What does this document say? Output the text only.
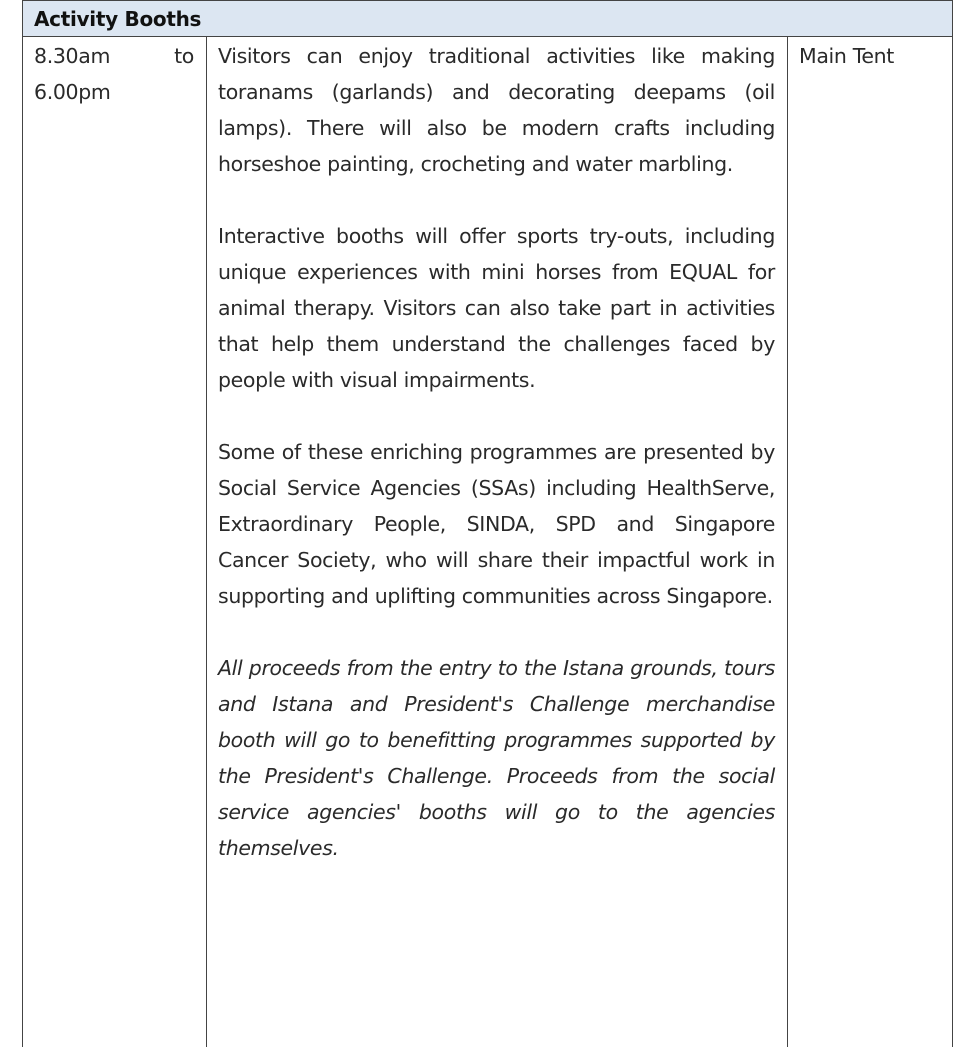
Activity Booths
8.30am to 6.00pm

Visitors can enjoy traditional activities like making toranams (garlands) and decorating deepams (oil lamps). There will also be modern crafts including horseshoe painting, crocheting and water marbling.

Interactive booths will offer sports try-outs, including unique experiences with mini horses from EQUAL for animal therapy. Visitors can also take part in activities that help them understand the challenges faced by people with visual impairments.

Some of these enriching programmes are presented by Social Service Agencies (SSAs) including HealthServe, Extraordinary People, SINDA, SPD and Singapore Cancer Society, who will share their impactful work in supporting and uplifting communities across Singapore.

All proceeds from the entry to the Istana grounds, tours and Istana and President's Challenge merchandise booth will go to benefitting programmes supported by the President's Challenge. Proceeds from the social service agencies' booths will go to the agencies themselves.

Main Tent
